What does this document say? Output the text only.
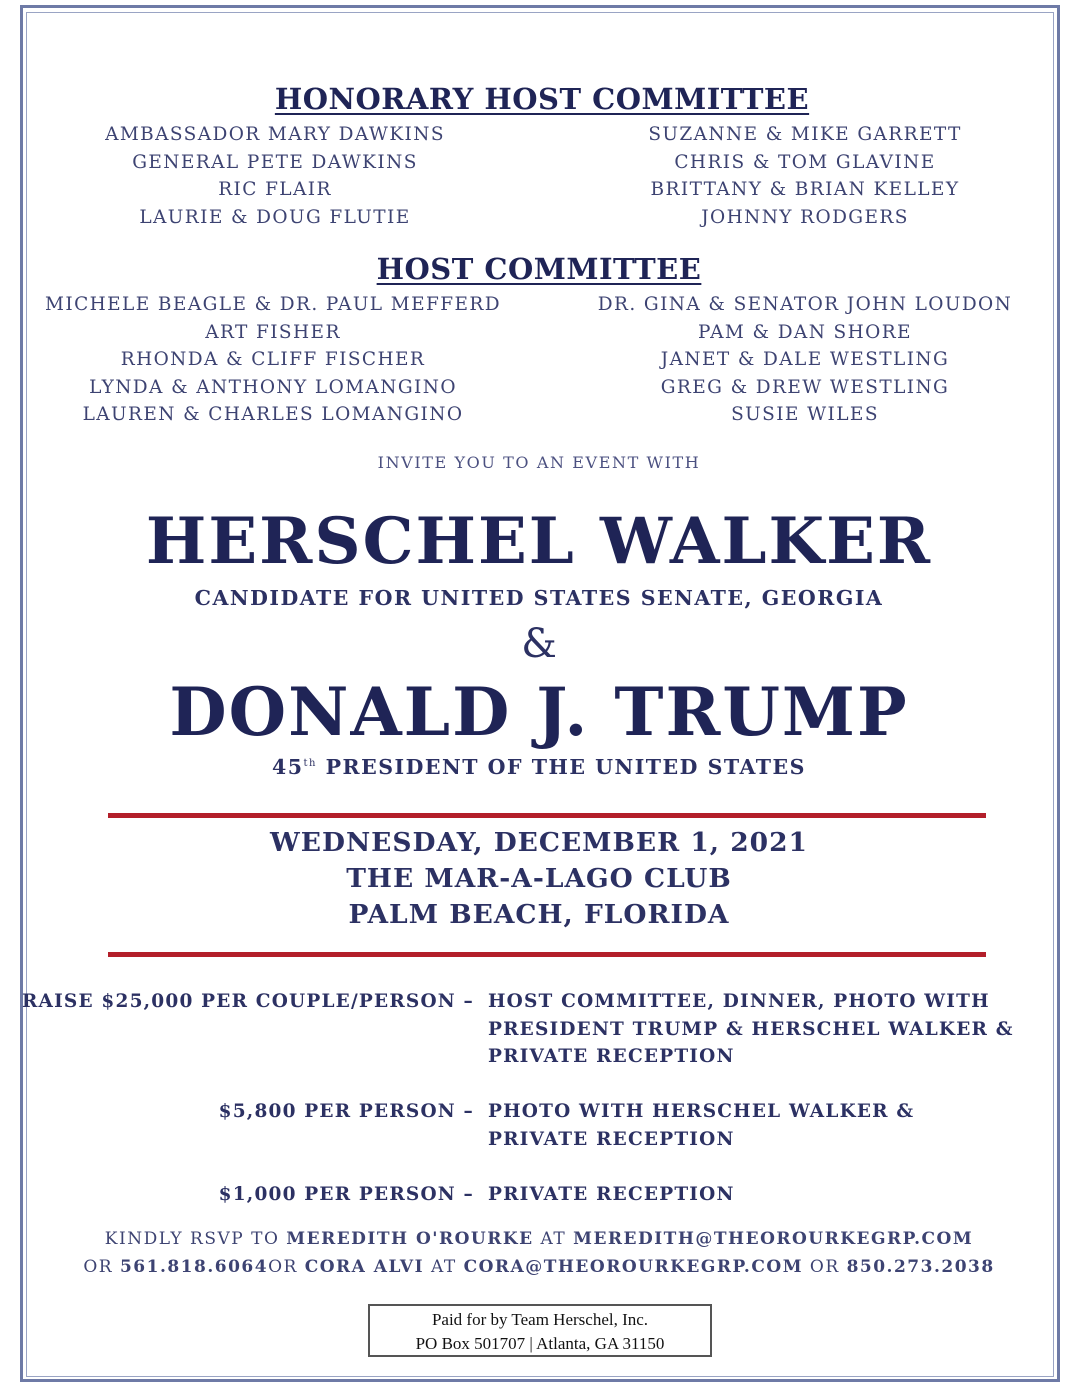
HONORARY HOST COMMITTEE
AMBASSADOR MARY DAWKINS
GENERAL PETE DAWKINS
RIC FLAIR
LAURIE & DOUG FLUTIE
SUZANNE & MIKE GARRETT
CHRIS & TOM GLAVINE
BRITTANY & BRIAN KELLEY
JOHNNY RODGERS
HOST COMMITTEE
MICHELE BEAGLE & DR. PAUL MEFFERD
ART FISHER
RHONDA & CLIFF FISCHER
LYNDA & ANTHONY LOMANGINO
LAUREN & CHARLES LOMANGINO
DR. GINA & SENATOR JOHN LOUDON
PAM & DAN SHORE
JANET & DALE WESTLING
GREG & DREW WESTLING
SUSIE WILES
INVITE YOU TO AN EVENT WITH
HERSCHEL WALKER
CANDIDATE FOR UNITED STATES SENATE, GEORGIA
&
DONALD J. TRUMP
45th PRESIDENT OF THE UNITED STATES
WEDNESDAY, DECEMBER 1, 2021
THE MAR-A-LAGO CLUB
PALM BEACH, FLORIDA
RAISE $25,000 PER COUPLE/PERSON – HOST COMMITTEE, DINNER, PHOTO WITH
PRESIDENT TRUMP & HERSCHEL WALKER &
PRIVATE RECEPTION
$5,800 PER PERSON – PHOTO WITH HERSCHEL WALKER &
PRIVATE RECEPTION
$1,000 PER PERSON – PRIVATE RECEPTION
KINDLY RSVP TO MEREDITH O'ROURKE AT MEREDITH@THEOROURKEGRP.COM
OR 561.818.6064OR CORA ALVI AT CORA@THEOROURKEGRP.COM OR 850.273.2038
Paid for by Team Herschel, Inc.
PO Box 501707 | Atlanta, GA 31150
